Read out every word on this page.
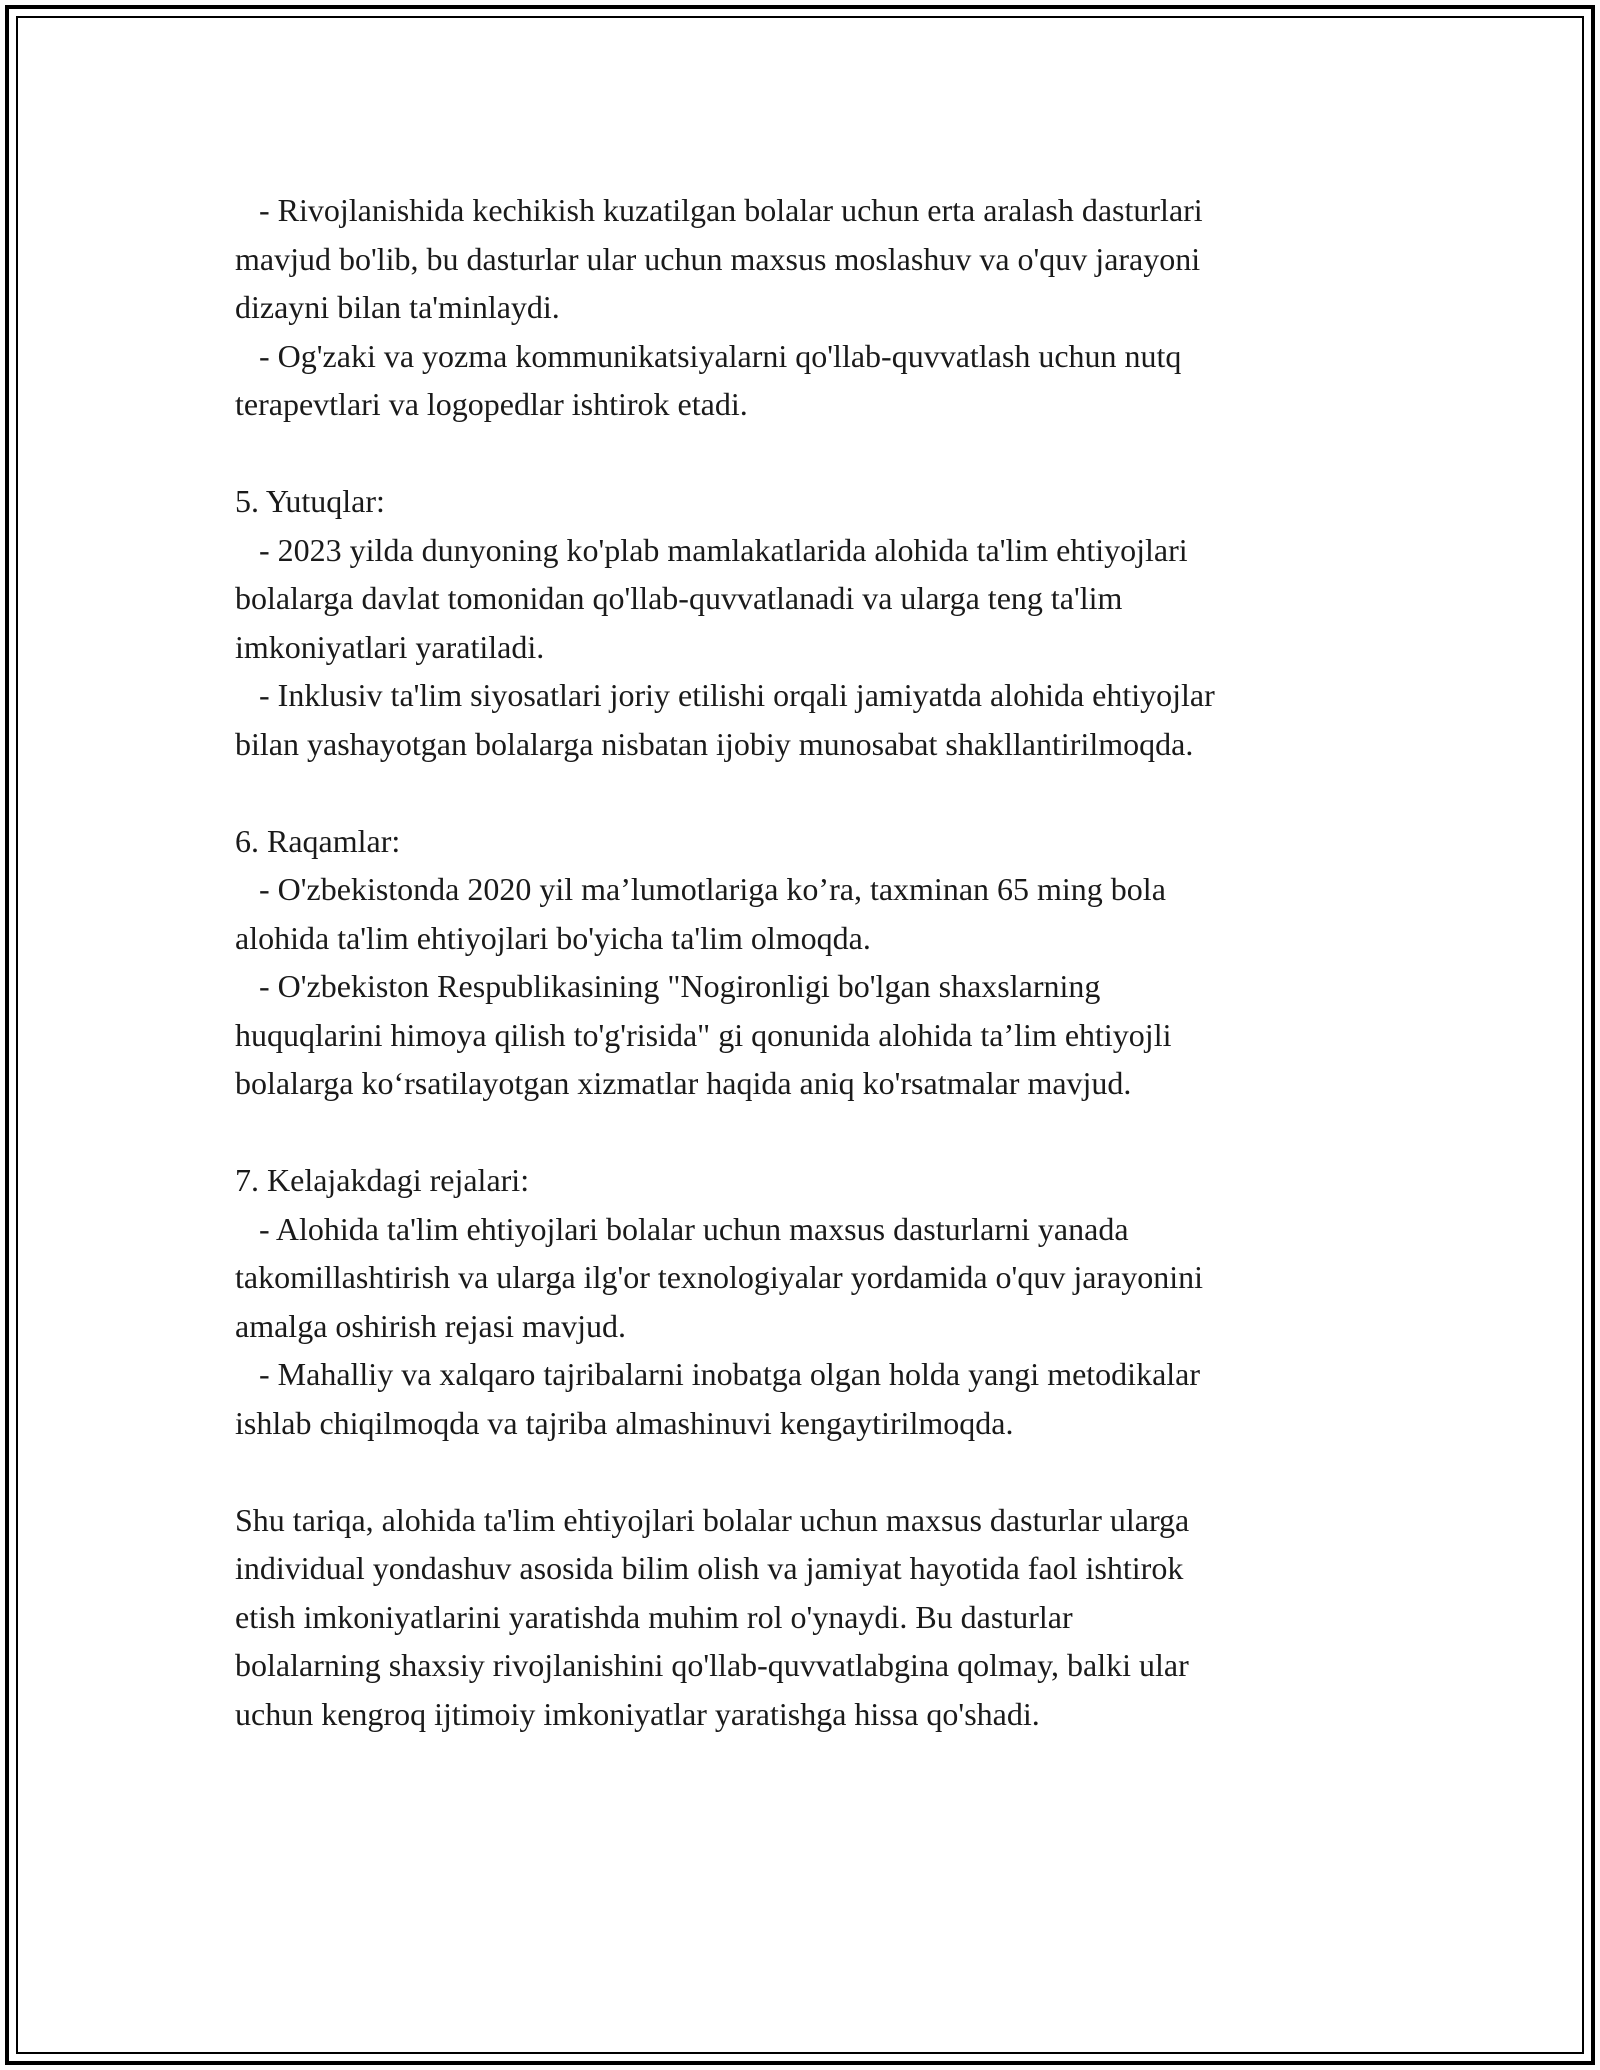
- Rivojlanishida kechikish kuzatilgan bolalar uchun erta aralash dasturlari
mavjud bo'lib, bu dasturlar ular uchun maxsus moslashuv va o'quv jarayoni
dizayni bilan ta'minlaydi.
- Og'zaki va yozma kommunikatsiyalarni qo'llab-quvvatlash uchun nutq
terapevtlari va logopedlar ishtirok etadi.
5. Yutuqlar:
- 2023 yilda dunyoning ko'plab mamlakatlarida alohida ta'lim ehtiyojlari
bolalarga davlat tomonidan qo'llab-quvvatlanadi va ularga teng ta'lim
imkoniyatlari yaratiladi.
- Inklusiv ta'lim siyosatlari joriy etilishi orqali jamiyatda alohida ehtiyojlar
bilan yashayotgan bolalarga nisbatan ijobiy munosabat shakllantirilmoqda.
6. Raqamlar:
- O'zbekistonda 2020 yil ma’lumotlariga ko’ra, taxminan 65 ming bola
alohida ta'lim ehtiyojlari bo'yicha ta'lim olmoqda.
- O'zbekiston Respublikasining "Nogironligi bo'lgan shaxslarning
huquqlarini himoya qilish to'g'risida" gi qonunida alohida ta’lim ehtiyojli
bolalarga ko‘rsatilayotgan xizmatlar haqida aniq ko'rsatmalar mavjud.
7. Kelajakdagi rejalari:
- Alohida ta'lim ehtiyojlari bolalar uchun maxsus dasturlarni yanada
takomillashtirish va ularga ilg'or texnologiyalar yordamida o'quv jarayonini
amalga oshirish rejasi mavjud.
- Mahalliy va xalqaro tajribalarni inobatga olgan holda yangi metodikalar
ishlab chiqilmoqda va tajriba almashinuvi kengaytirilmoqda.
Shu tariqa, alohida ta'lim ehtiyojlari bolalar uchun maxsus dasturlar ularga
individual yondashuv asosida bilim olish va jamiyat hayotida faol ishtirok
etish imkoniyatlarini yaratishda muhim rol o'ynaydi. Bu dasturlar
bolalarning shaxsiy rivojlanishini qo'llab-quvvatlabgina qolmay, balki ular
uchun kengroq ijtimoiy imkoniyatlar yaratishga hissa qo'shadi.
